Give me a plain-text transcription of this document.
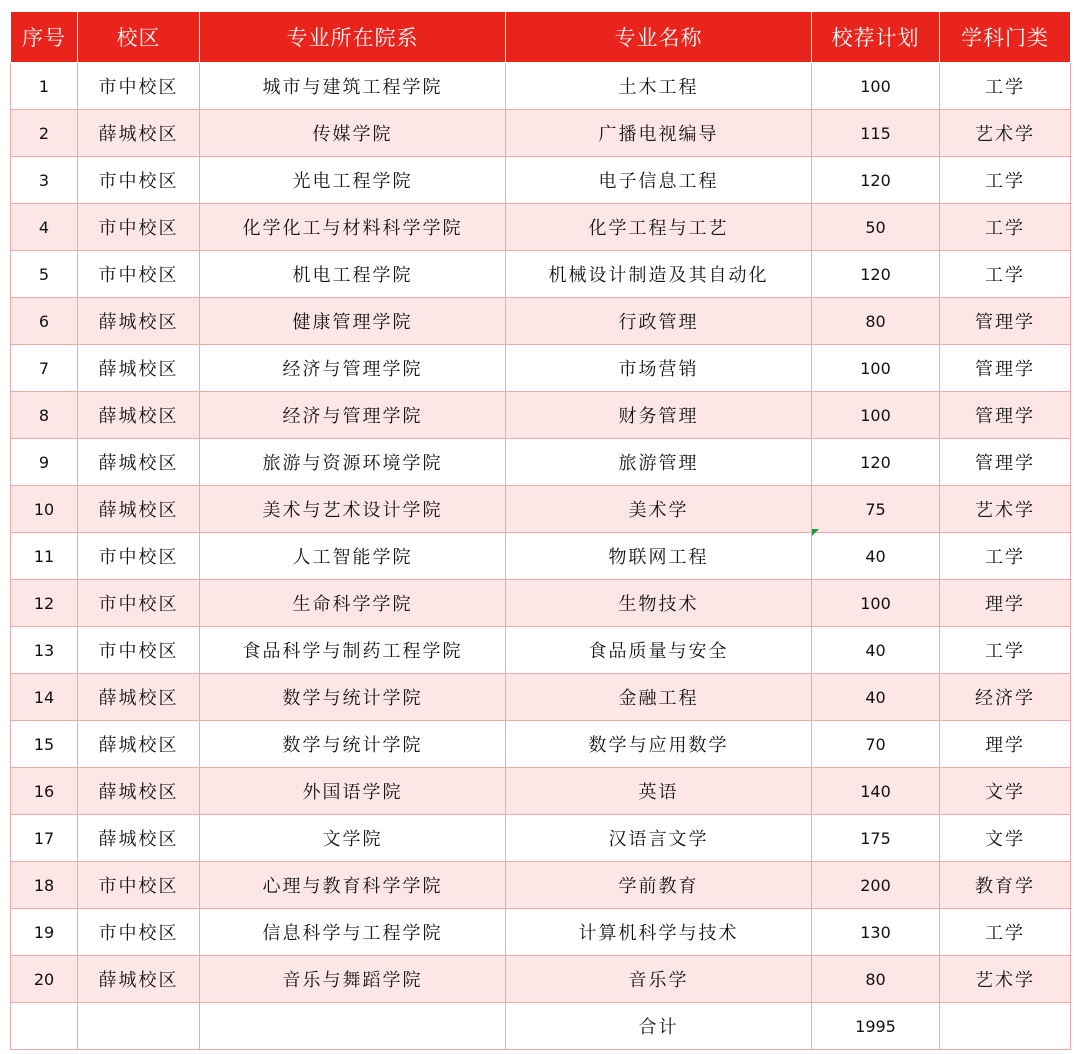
序号	校区	专业所在院系	专业名称	校荐计划	学科门类
1	市中校区	城市与建筑工程学院	土木工程	100	工学
2	薛城校区	传媒学院	广播电视编导	115	艺术学
3	市中校区	光电工程学院	电子信息工程	120	工学
4	市中校区	化学化工与材料科学学院	化学工程与工艺	50	工学
5	市中校区	机电工程学院	机械设计制造及其自动化	120	工学
6	薛城校区	健康管理学院	行政管理	80	管理学
7	薛城校区	经济与管理学院	市场营销	100	管理学
8	薛城校区	经济与管理学院	财务管理	100	管理学
9	薛城校区	旅游与资源环境学院	旅游管理	120	管理学
10	薛城校区	美术与艺术设计学院	美术学	75	艺术学
11	市中校区	人工智能学院	物联网工程	40	工学
12	市中校区	生命科学学院	生物技术	100	理学
13	市中校区	食品科学与制药工程学院	食品质量与安全	40	工学
14	薛城校区	数学与统计学院	金融工程	40	经济学
15	薛城校区	数学与统计学院	数学与应用数学	70	理学
16	薛城校区	外国语学院	英语	140	文学
17	薛城校区	文学院	汉语言文学	175	文学
18	市中校区	心理与教育科学学院	学前教育	200	教育学
19	市中校区	信息科学与工程学院	计算机科学与技术	130	工学
20	薛城校区	音乐与舞蹈学院	音乐学	80	艺术学
			合计	1995	
